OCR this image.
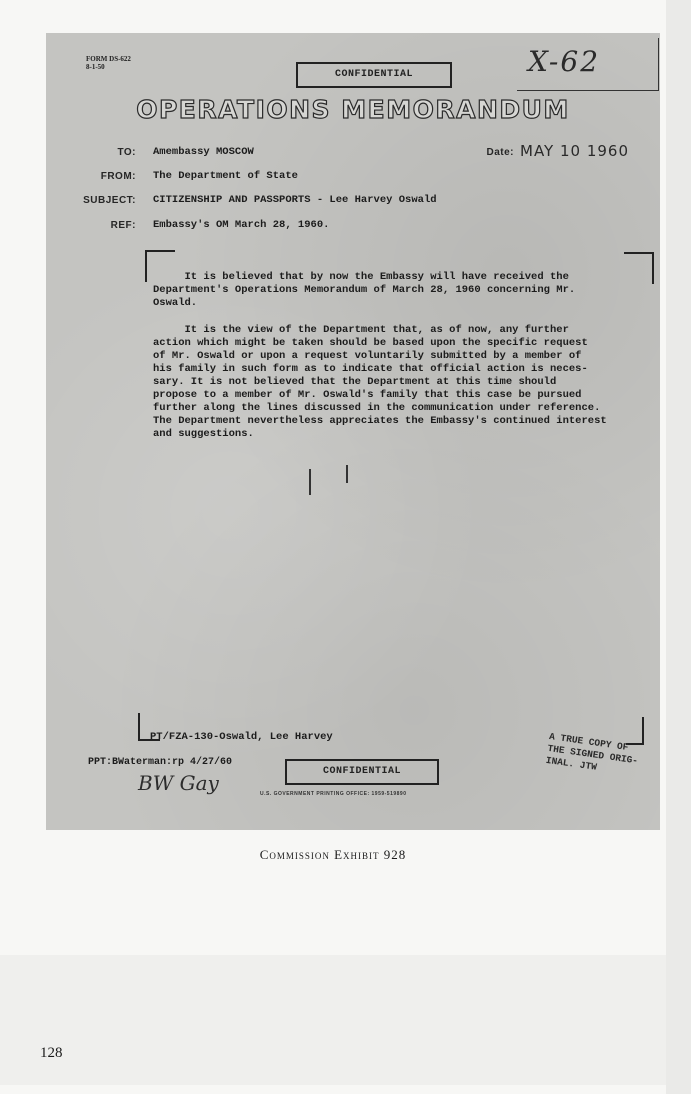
FORM DS-622
8-1-50
CONFIDENTIAL	X-62
OPERATIONS MEMORANDUM
TO: Amembassy MOSCOW	Date: MAY 10 1960
FROM: The Department of State
SUBJECT: CITIZENSHIP AND PASSPORTS - Lee Harvey Oswald
REF: Embassy's OM March 28, 1960.
It is believed that by now the Embassy will have received the
Department's Operations Memorandum of March 28, 1960 concerning Mr.
Oswald.
It is the view of the Department that, as of now, any further
action which might be taken should be based upon the specific request
of Mr. Oswald or upon a request voluntarily submitted by a member of
his family in such form as to indicate that official action is neces-
sary. It is not believed that the Department at this time should
propose to a member of Mr. Oswald's family that this case be pursued
further along the lines discussed in the communication under reference.
The Department nevertheless appreciates the Embassy's continued interest
and suggestions.
PT/FZA-130-Oswald, Lee Harvey
PPT:BWaterman:rp 4/27/60
BW Gay	CONFIDENTIAL
U.S. GOVERNMENT PRINTING OFFICE: 1959-519890
A TRUE COPY OF
THE SIGNED ORIG-
INAL. JTW
Commission Exhibit 928
128
